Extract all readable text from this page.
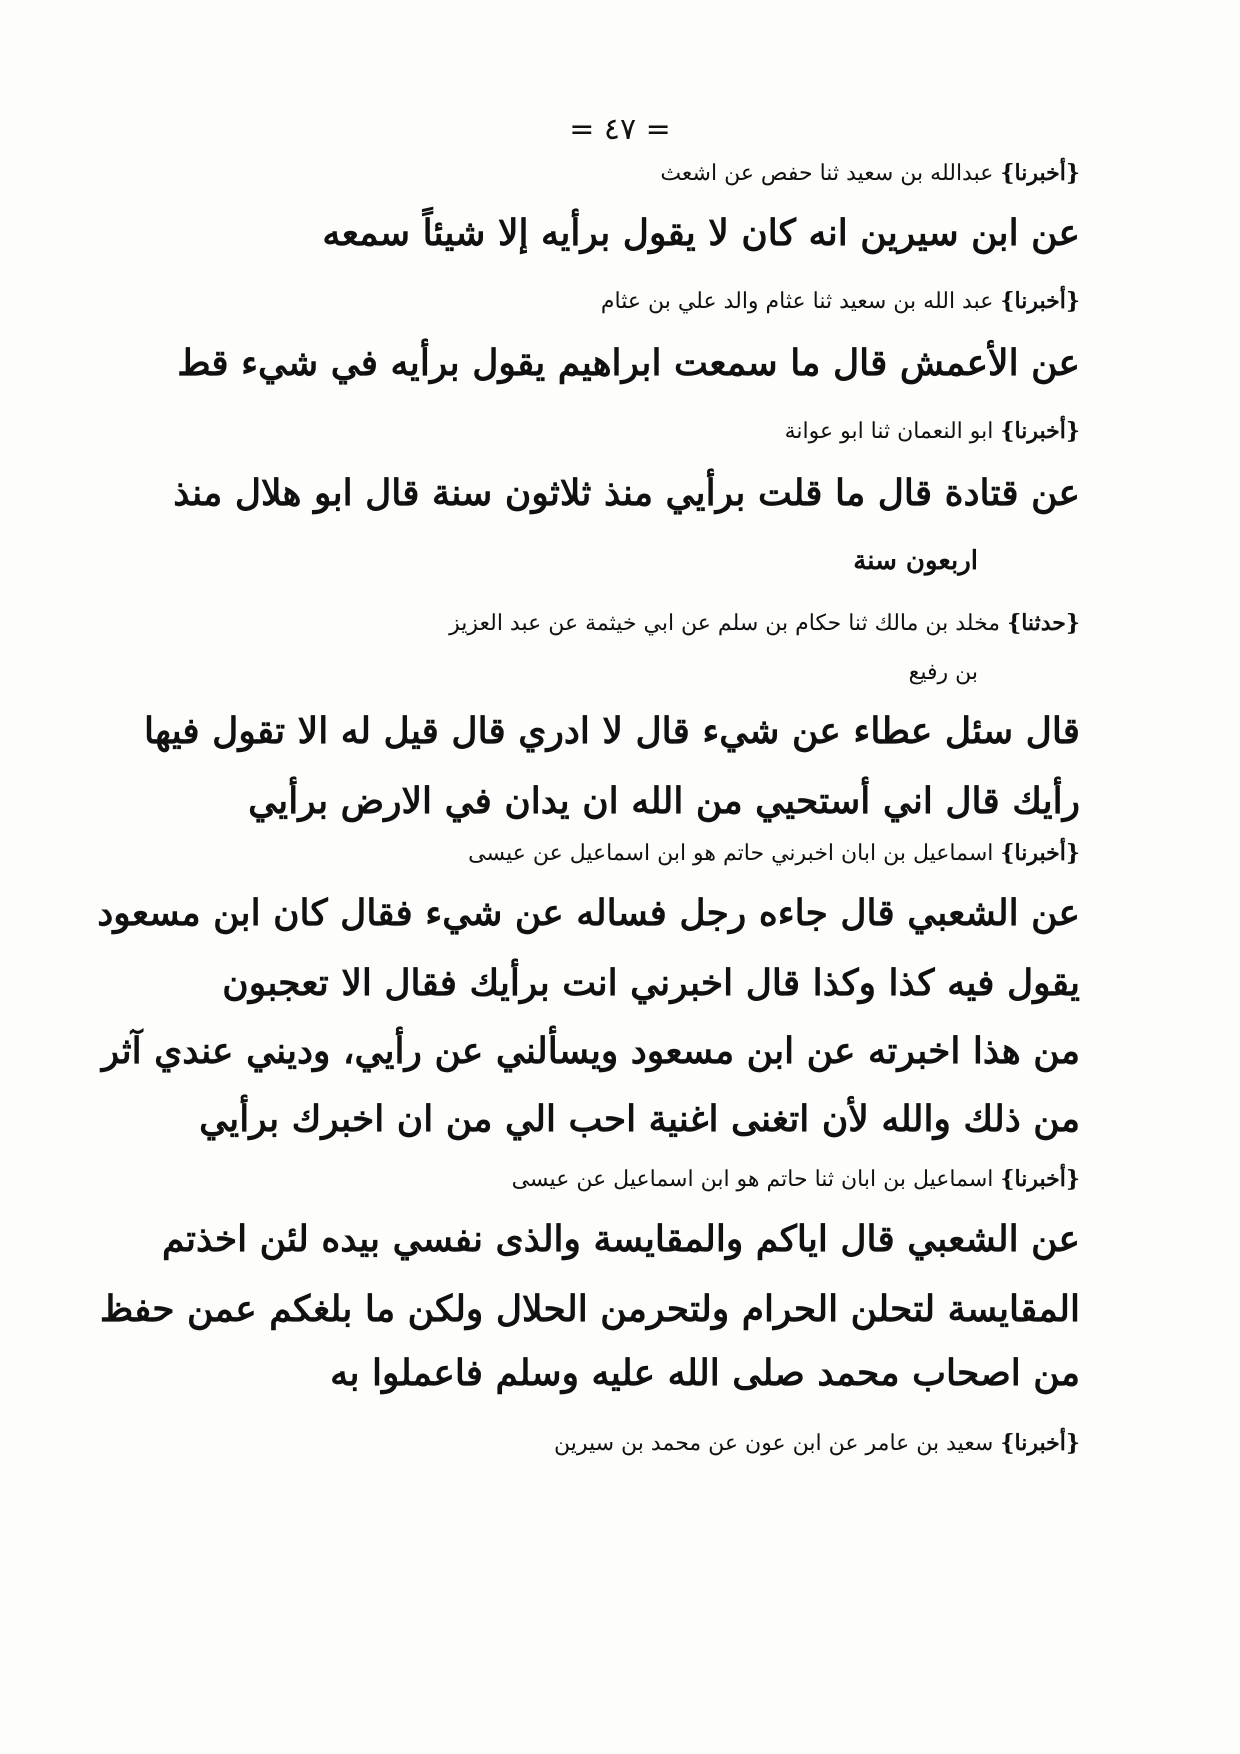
= ٤٧ =
{أخبرنا} عبدالله بن سعيد ثنا حفص عن اشعث
عن ابن سيرين انه كان لا يقول برأيه إلا شيئاً سمعه
{أخبرنا} عبد الله بن سعيد ثنا عثام والد علي بن عثام
عن الأعمش قال ما سمعت ابراهيم يقول برأيه في شيء قط
{أخبرنا} ابو النعمان ثنا ابو عوانة
عن قتادة قال ما قلت برأيي منذ ثلاثون سنة قال ابو هلال منذ
اربعون سنة
{حدثنا} مخلد بن مالك ثنا حكام بن سلم عن ابي خيثمة عن عبد العزيز
بن رفيع
قال سئل عطاء عن شيء قال لا ادري قال قيل له الا تقول فيها
رأيك قال اني أستحيي من الله ان يدان في الارض برأيي
{أخبرنا} اسماعيل بن ابان اخبرني حاتم هو ابن اسماعيل عن عيسى
عن الشعبي قال جاءه رجل فساله عن شيء فقال كان ابن مسعود
يقول فيه كذا وكذا قال اخبرني انت برأيك فقال الا تعجبون
من هذا اخبرته عن ابن مسعود ويسألني عن رأيي، وديني عندي آثر
من ذلك والله لأن اتغنى اغنية احب الي من ان اخبرك برأيي
{أخبرنا} اسماعيل بن ابان ثنا حاتم هو ابن اسماعيل عن عيسى
عن الشعبي قال اياكم والمقايسة والذى نفسي بيده لئن اخذتم
المقايسة لتحلن الحرام ولتحرمن الحلال ولكن ما بلغكم عمن حفظ
من اصحاب محمد صلى الله عليه وسلم فاعملوا به
{أخبرنا} سعيد بن عامر عن ابن عون عن محمد بن سيرين
